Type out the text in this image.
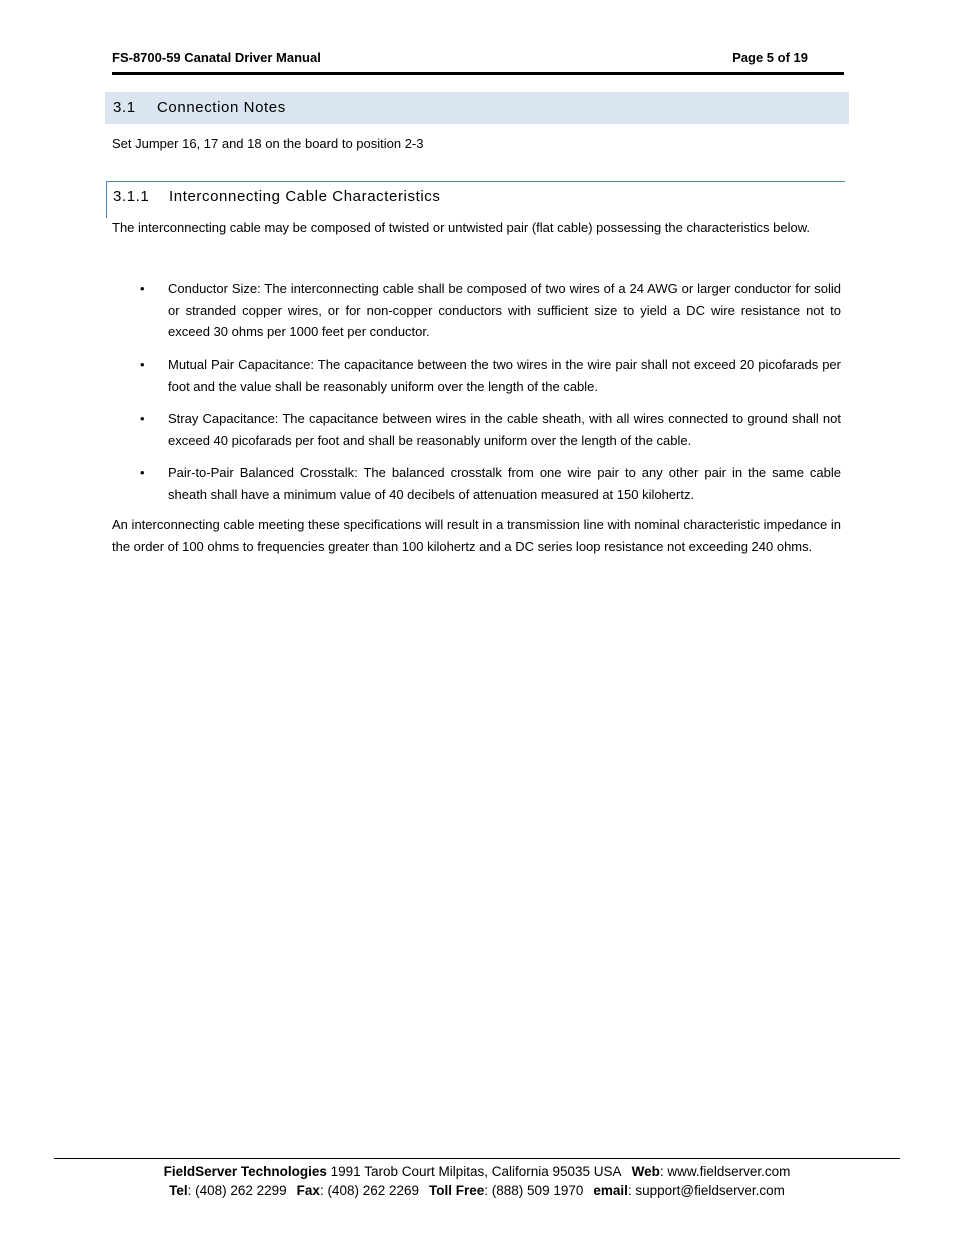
FS-8700-59 Canatal Driver Manual	Page 5 of 19
3.1 Connection Notes
Set Jumper 16, 17 and 18 on the board to position 2-3
3.1.1 Interconnecting Cable Characteristics
The interconnecting cable may be composed of twisted or untwisted pair (flat cable) possessing the characteristics below.
•	Conductor Size: The interconnecting cable shall be composed of two wires of a 24 AWG or larger conductor for solid or stranded copper wires, or for non-copper conductors with sufficient size to yield a DC wire resistance not to exceed 30 ohms per 1000 feet per conductor.
•	Mutual Pair Capacitance: The capacitance between the two wires in the wire pair shall not exceed 20 picofarads per foot and the value shall be reasonably uniform over the length of the cable.
•	Stray Capacitance: The capacitance between wires in the cable sheath, with all wires connected to ground shall not exceed 40 picofarads per foot and shall be reasonably uniform over the length of the cable.
•	Pair-to-Pair Balanced Crosstalk: The balanced crosstalk from one wire pair to any other pair in the same cable sheath shall have a minimum value of 40 decibels of attenuation measured at 150 kilohertz.
An interconnecting cable meeting these specifications will result in a transmission line with nominal characteristic impedance in the order of 100 ohms to frequencies greater than 100 kilohertz and a DC series loop resistance not exceeding 240 ohms.
FieldServer Technologies 1991 Tarob Court Milpitas, California 95035 USA Web: www.fieldserver.com
Tel: (408) 262 2299 Fax: (408) 262 2269 Toll Free: (888) 509 1970 email: support@fieldserver.com
